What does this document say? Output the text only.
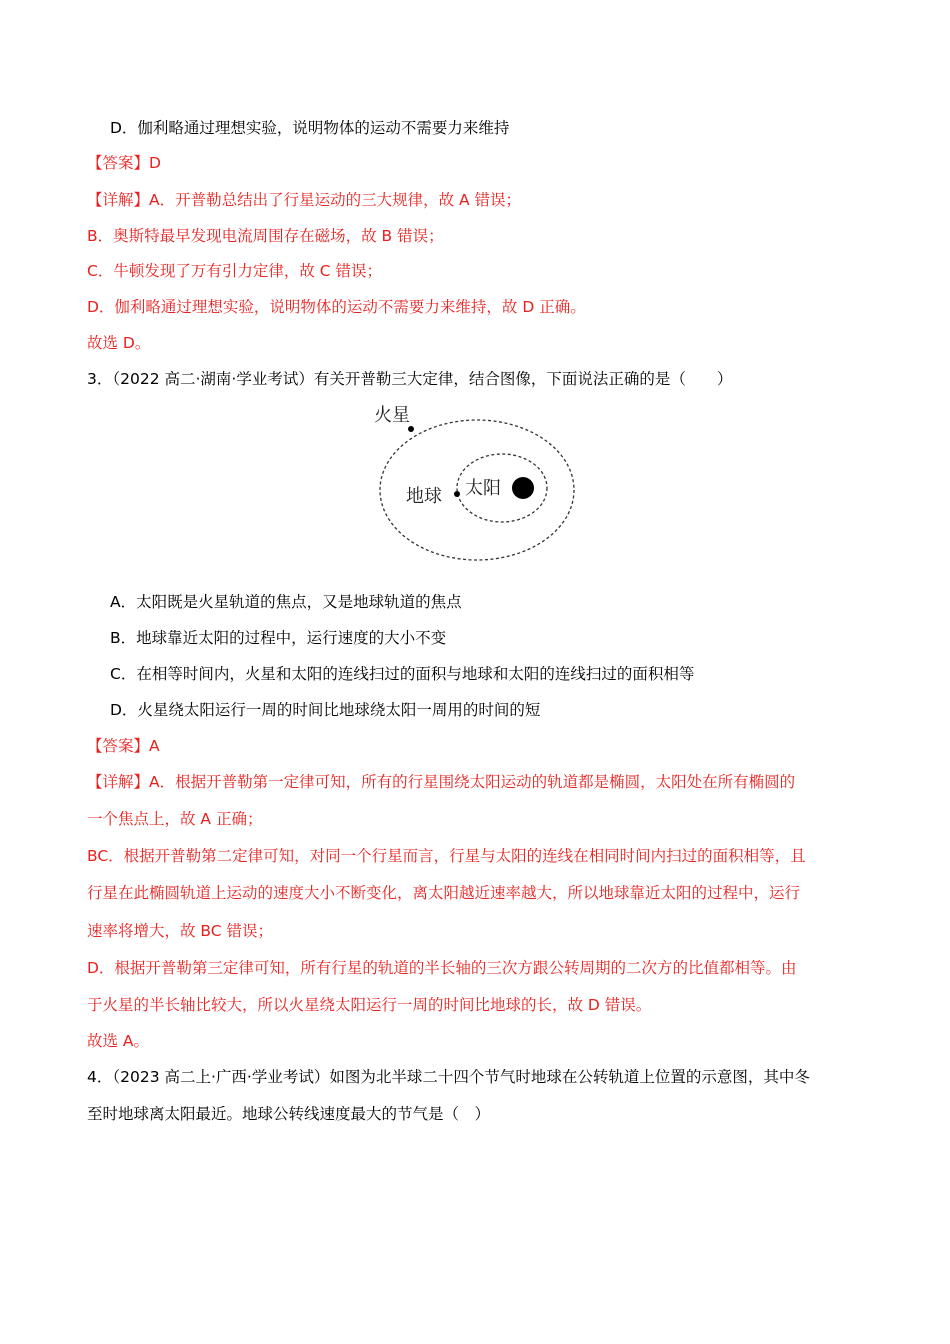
D．伽利略通过理想实验，说明物体的运动不需要力来维持
【答案】D
【详解】A．开普勒总结出了行星运动的三大规律，故 A 错误；
B．奥斯特最早发现电流周围存在磁场，故 B 错误；
C．牛顿发现了万有引力定律，故 C 错误；
D．伽利略通过理想实验，说明物体的运动不需要力来维持，故 D 正确。
故选 D。
3．（2022 高二·湖南·学业考试）有关开普勒三大定律，结合图像，下面说法正确的是（　　）
火星
地球 太阳
A．太阳既是火星轨道的焦点，又是地球轨道的焦点
B．地球靠近太阳的过程中，运行速度的大小不变
C．在相等时间内，火星和太阳的连线扫过的面积与地球和太阳的连线扫过的面积相等
D．火星绕太阳运行一周的时间比地球绕太阳一周用的时间的短
【答案】A
【详解】A．根据开普勒第一定律可知，所有的行星围绕太阳运动的轨道都是椭圆，太阳处在所有椭圆的
一个焦点上，故 A 正确；
BC．根据开普勒第二定律可知，对同一个行星而言，行星与太阳的连线在相同时间内扫过的面积相等，且
行星在此椭圆轨道上运动的速度大小不断变化，离太阳越近速率越大，所以地球靠近太阳的过程中，运行
速率将增大，故 BC 错误；
D．根据开普勒第三定律可知，所有行星的轨道的半长轴的三次方跟公转周期的二次方的比值都相等。由
于火星的半长轴比较大，所以火星绕太阳运行一周的时间比地球的长，故 D 错误。
故选 A。
4．（2023 高二上·广西·学业考试）如图为北半球二十四个节气时地球在公转轨道上位置的示意图，其中冬
至时地球离太阳最近。地球公转线速度最大的节气是（　）
